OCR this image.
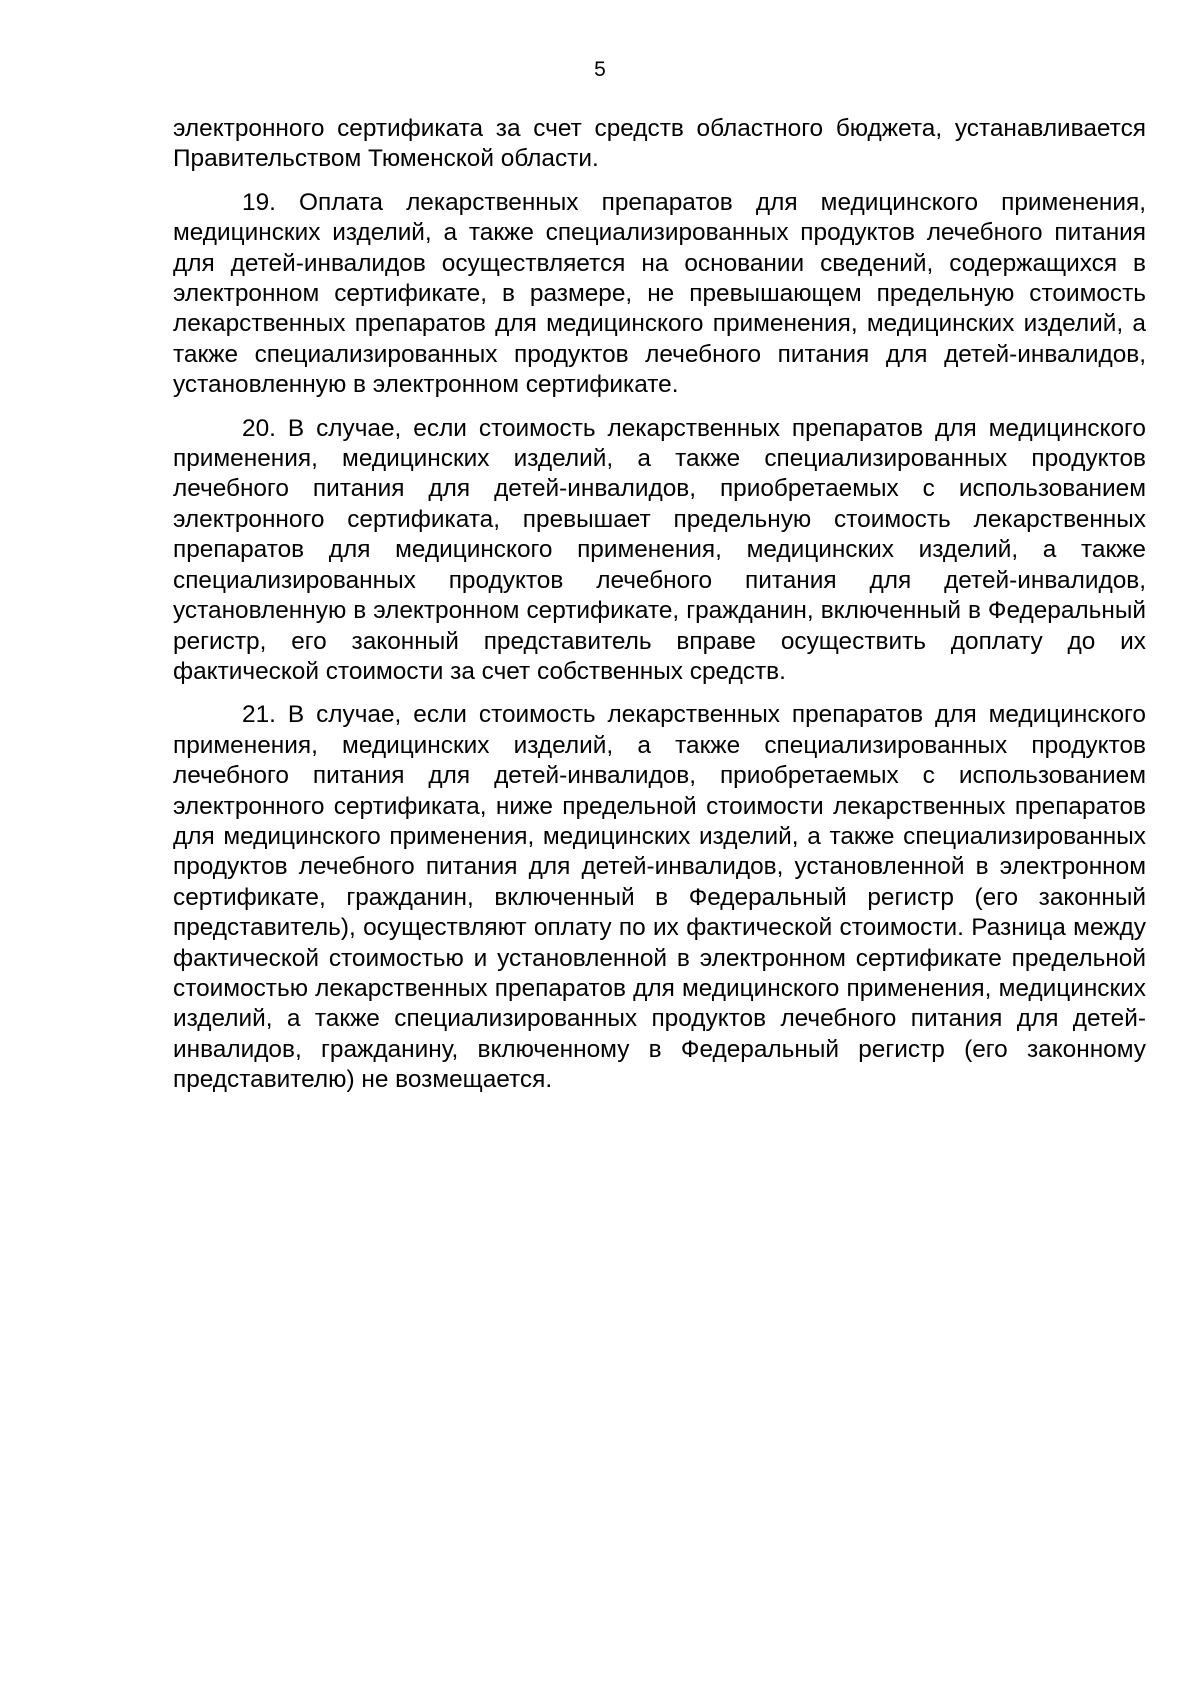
5

электронного сертификата за счет средств областного бюджета, устанавливается Правительством Тюменской области.

19. Оплата лекарственных препаратов для медицинского применения, медицинских изделий, а также специализированных продуктов лечебного питания для детей-инвалидов осуществляется на основании сведений, содержащихся в электронном сертификате, в размере, не превышающем предельную стоимость лекарственных препаратов для медицинского применения, медицинских изделий, а также специализированных продуктов лечебного питания для детей-инвалидов, установленную в электронном сертификате.

20. В случае, если стоимость лекарственных препаратов для медицинского применения, медицинских изделий, а также специализированных продуктов лечебного питания для детей-инвалидов, приобретаемых с использованием электронного сертификата, превышает предельную стоимость лекарственных препаратов для медицинского применения, медицинских изделий, а также специализированных продуктов лечебного питания для детей-инвалидов, установленную в электронном сертификате, гражданин, включенный в Федеральный регистр, его законный представитель вправе осуществить доплату до их фактической стоимости за счет собственных средств.

21. В случае, если стоимость лекарственных препаратов для медицинского применения, медицинских изделий, а также специализированных продуктов лечебного питания для детей-инвалидов, приобретаемых с использованием электронного сертификата, ниже предельной стоимости лекарственных препаратов для медицинского применения, медицинских изделий, а также специализированных продуктов лечебного питания для детей-инвалидов, установленной в электронном сертификате, гражданин, включенный в Федеральный регистр (его законный представитель), осуществляют оплату по их фактической стоимости. Разница между фактической стоимостью и установленной в электронном сертификате предельной стоимостью лекарственных препаратов для медицинского применения, медицинских изделий, а также специализированных продуктов лечебного питания для детей-инвалидов, гражданину, включенному в Федеральный регистр (его законному представителю) не возмещается.
